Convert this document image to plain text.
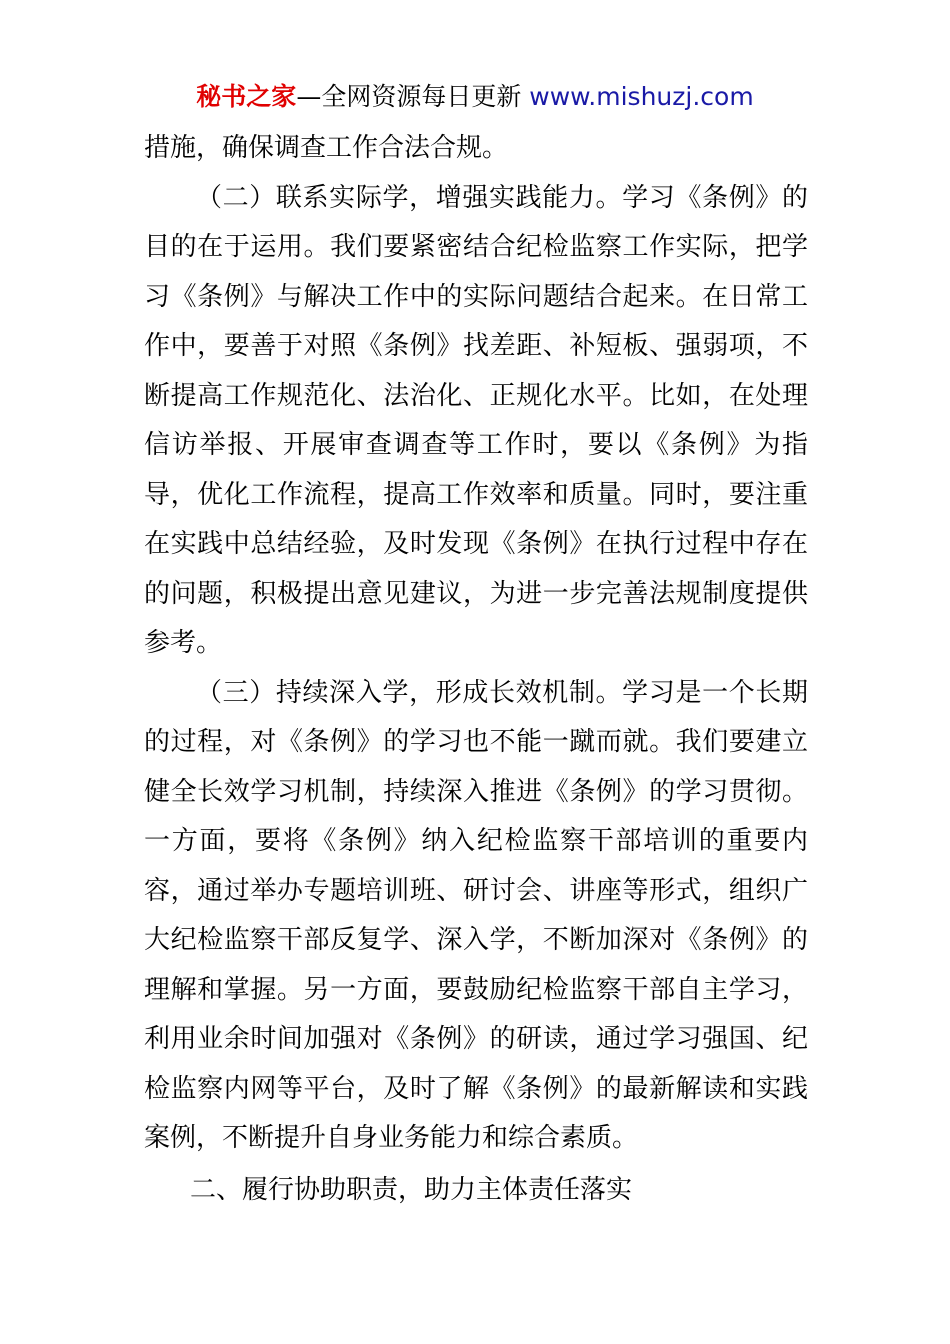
秘书之家—全网资源每日更新 www.mishuzj.com

措施，确保调查工作合法合规。

（二）联系实际学，增强实践能力。学习《条例》的目的在于运用。我们要紧密结合纪检监察工作实际，把学习《条例》与解决工作中的实际问题结合起来。在日常工作中，要善于对照《条例》找差距、补短板、强弱项，不断提高工作规范化、法治化、正规化水平。比如，在处理信访举报、开展审查调查等工作时，要以《条例》为指导，优化工作流程，提高工作效率和质量。同时，要注重在实践中总结经验，及时发现《条例》在执行过程中存在的问题，积极提出意见建议，为进一步完善法规制度提供参考。

（三）持续深入学，形成长效机制。学习是一个长期的过程，对《条例》的学习也不能一蹴而就。我们要建立健全长效学习机制，持续深入推进《条例》的学习贯彻。一方面，要将《条例》纳入纪检监察干部培训的重要内容，通过举办专题培训班、研讨会、讲座等形式，组织广大纪检监察干部反复学、深入学，不断加深对《条例》的理解和掌握。另一方面，要鼓励纪检监察干部自主学习，利用业余时间加强对《条例》的研读，通过学习强国、纪检监察内网等平台，及时了解《条例》的最新解读和实践案例，不断提升自身业务能力和综合素质。

二、履行协助职责，助力主体责任落实
